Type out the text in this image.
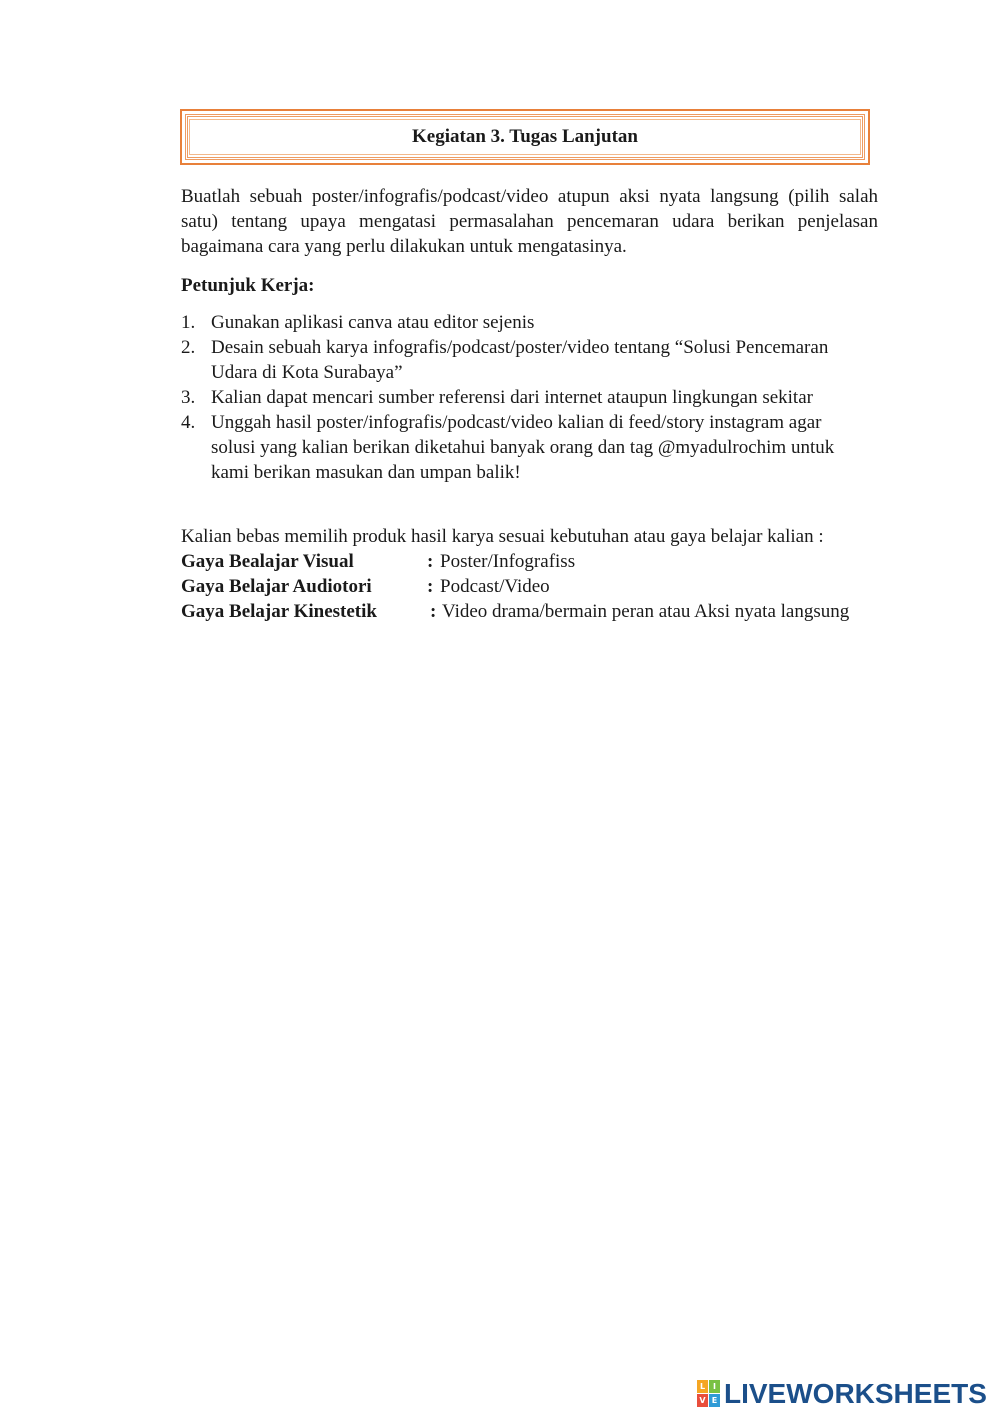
Kegiatan 3. Tugas Lanjutan
Buatlah sebuah poster/infografis/podcast/video atupun aksi nyata langsung (pilih salah
satu) tentang upaya mengatasi permasalahan pencemaran udara berikan penjelasan
bagaimana cara yang perlu dilakukan untuk mengatasinya.
Petunjuk Kerja:
1. Gunakan aplikasi canva atau editor sejenis
2. Desain sebuah karya infografis/podcast/poster/video tentang “Solusi Pencemaran
Udara di Kota Surabaya”
3. Kalian dapat mencari sumber referensi dari internet ataupun lingkungan sekitar
4. Unggah hasil poster/infografis/podcast/video kalian di feed/story instagram agar
solusi yang kalian berikan diketahui banyak orang dan tag @myadulrochim untuk
kami berikan masukan dan umpan balik!
Kalian bebas memilih produk hasil karya sesuai kebutuhan atau gaya belajar kalian :
Gaya Bealajar Visual	: Poster/Infografiss
Gaya Belajar Audiotori	: Podcast/Video
Gaya Belajar Kinestetik	: Video drama/bermain peran atau Aksi nyata langsung
L I
V E LIVEWORKSHEETS
